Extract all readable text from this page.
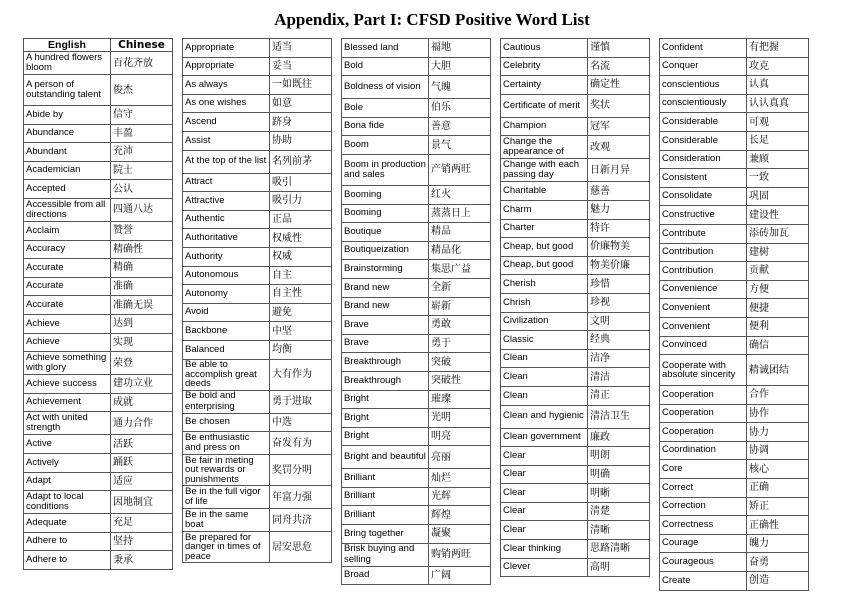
Appendix, Part I: CFSD Positive Word List
English	Chinese
A hundred flowers bloom	百花齐放
A person of outstanding talent	俊杰
Abide by	信守
Abundance	丰盈
Abundant	充沛
Academician	院士
Accepted	公认
Accessible from all directions	四通八达
Acclaim	赞誉
Accuracy	精确性
Accurate	精确
Accurate	准确
Accurate	准确无误
Achieve	达到
Achieve	实现
Achieve something with glory	荣登
Achieve success	建功立业
Achievement	成就
Act with united strength	通力合作
Active	活跃
Actively	踊跃
Adapt	适应
Adapt to local conditions	因地制宜
Adequate	充足
Adhere to	坚持
Adhere to	秉承
Appropriate	适当
Appropriate	妥当
As always	一如既往
As one wishes	如意
Ascend	跻身
Assist	协助
At the top of the list	名列前茅
Attract	吸引
Attractive	吸引力
Authentic	正品
Authoritative	权威性
Authority	权威
Autonomous	自主
Autonomy	自主性
Avoid	避免
Backbone	中坚
Balanced	均衡
Be able to accomplish great deeds	大有作为
Be bold and enterprising	勇于进取
Be chosen	中选
Be enthusiastic and press on	奋发有为
Be fair in meting out rewards or punishments	奖罚分明
Be in the full vigor of life	年富力强
Be in the same boat	同舟共济
Be prepared for danger in times of peace	居安思危
Blessed land	福地
Bold	大胆
Boldness of vision	气魄
Bole	伯乐
Bona fide	善意
Boom	景气
Boom in production and sales	产销两旺
Booming	红火
Booming	蒸蒸日上
Boutique	精品
Boutiqueization	精品化
Brainstorming	集思广益
Brand new	全新
Brand new	崭新
Brave	勇敢
Brave	勇于
Breakthrough	突破
Breakthrough	突破性
Bright	璀璨
Bright	光明
Bright	明亮
Bright and beautiful	亮丽
Brilliant	灿烂
Brilliant	光辉
Brilliant	辉煌
Bring together	凝聚
Brisk buying and selling	购销两旺
Broad	广阔
Cautious	谨慎
Celebrity	名流
Certainty	确定性
Certificate of merit	奖状
Champion	冠军
Change the appearance of	改观
Change with each passing day	日新月异
Charitable	慈善
Charm	魅力
Charter	特许
Cheap, but good	价廉物美
Cheap, but good	物美价廉
Cherish	珍惜
Chrish	珍视
Civilization	文明
Classic	经典
Clean	洁净
Clean	清洁
Clean	清正
Clean and hygienic	清洁卫生
Clean government	廉政
Clear	明朗
Clear	明确
Clear	明晰
Clear	清楚
Clear	清晰
Clear thinking	思路清晰
Clever	高明
Confident	有把握
Conquer	攻克
conscientious	认真
conscientiously	认认真真
Considerable	可观
Considerable	长足
Consideration	兼顾
Consistent	一致
Consolidate	巩固
Constructive	建设性
Contribute	添砖加瓦
Contribution	建树
Contribution	贡献
Convenience	方便
Convenient	便捷
Convenient	便利
Convinced	确信
Cooperate with absolute sincerity	精诚团结
Cooperation	合作
Cooperation	协作
Cooperation	协力
Coordination	协调
Core	核心
Correct	正确
Correction	矫正
Correctness	正确性
Courage	魄力
Courageous	奋勇
Create	创造
